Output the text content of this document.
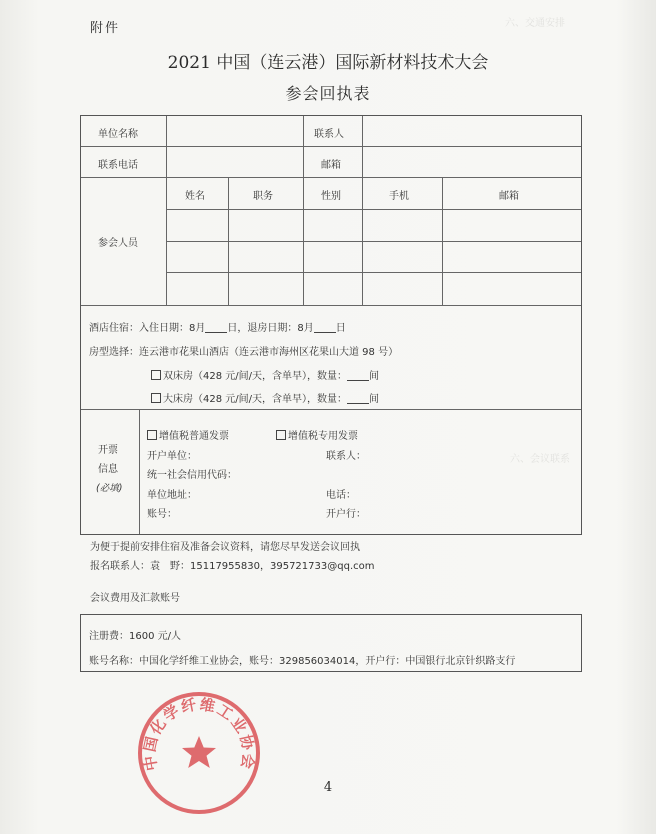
六、交通安排
六、会议联系
附件
2021 中国（连云港）国际新材料技术大会
参会回执表
单位名称	联系人
联系电话	邮箱
参会人员
姓名	职务	性别	手机	邮箱
酒店住宿：入住日期：8月 日，退房日期：8月 日
房型选择：连云港市花果山酒店（连云港市海州区花果山大道 98 号）
双床房（428 元/间/天，含单早），数量： 间
大床房（428 元/间/天，含单早），数量： 间
开票
信息
(必填)
增值税普通发票	增值税专用发票
开户单位：	联系人：
统一社会信用代码：
单位地址：	电话：
账号：	开户行：
为便于提前安排住宿及准备会议资料，请您尽早发送会议回执
报名联系人：袁　野：15117955830，395721733@qq.com
会议费用及汇款账号
注册费：1600 元/人
账号名称：中国化学纤维工业协会，账号：329856034014，开户行：中国银行北京针织路支行
中国化学纤维工业协会
4
